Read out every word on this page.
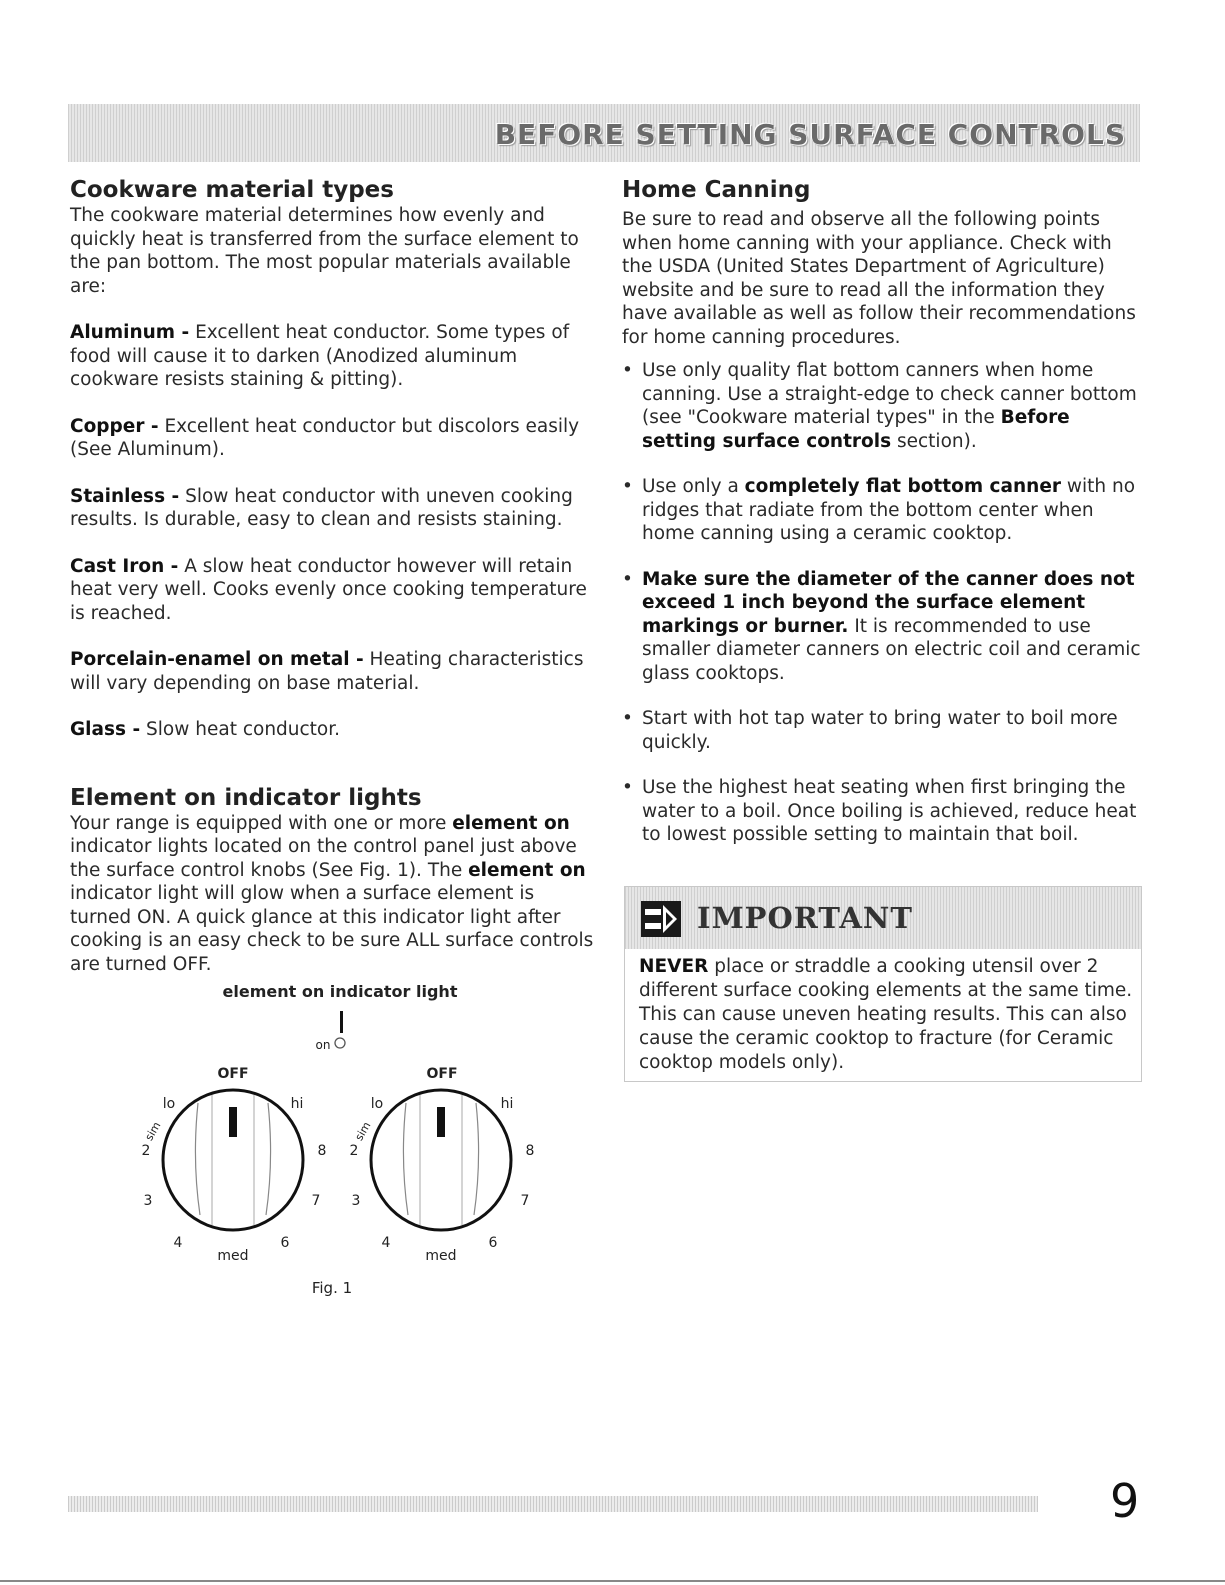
BEFORE SETTING SURFACE CONTROLS
Cookware material types

The cookware material determines how evenly and quickly heat is transferred from the surface element to the pan bottom. The most popular materials available are:

Aluminum - Excellent heat conductor. Some types of food will cause it to darken (Anodized aluminum cookware resists staining & pitting).

Copper - Excellent heat conductor but discolors easily (See Aluminum).

Stainless - Slow heat conductor with uneven cooking results. Is durable, easy to clean and resists staining.

Cast Iron - A slow heat conductor however will retain heat very well. Cooks evenly once cooking temperature is reached.

Porcelain-enamel on metal - Heating characteristics will vary depending on base material.

Glass - Slow heat conductor.

Element on indicator lights

Your range is equipped with one or more element on indicator lights located on the control panel just above the surface control knobs (See Fig. 1). The element on indicator light will glow when a surface element is turned ON. A quick glance at this indicator light after cooking is an easy check to be sure ALL surface controls are turned OFF.

element on indicator light
on
OFF
lo	hi
sim
2	8
3	7
4	6
med
OFF
lo	hi
sim
2	8
3	7
4	6
med
Fig. 1
Home Canning

Be sure to read and observe all the following points when home canning with your appliance. Check with the USDA (United States Department of Agriculture) website and be sure to read all the information they have available as well as follow their recommendations for home canning procedures.

• Use only quality flat bottom canners when home canning. Use a straight-edge to check canner bottom (see "Cookware material types" in the Before setting surface controls section).
• Use only a completely flat bottom canner with no ridges that radiate from the bottom center when home canning using a ceramic cooktop.
• Make sure the diameter of the canner does not exceed 1 inch beyond the surface element markings or burner. It is recommended to use smaller diameter canners on electric coil and ceramic glass cooktops.
• Start with hot tap water to bring water to boil more quickly.
• Use the highest heat seating when first bringing the water to a boil. Once boiling is achieved, reduce heat to lowest possible setting to maintain that boil.
IMPORTANT
NEVER place or straddle a cooking utensil over 2 different surface cooking elements at the same time. This can cause uneven heating results. This can also cause the ceramic cooktop to fracture (for Ceramic cooktop models only).
9
